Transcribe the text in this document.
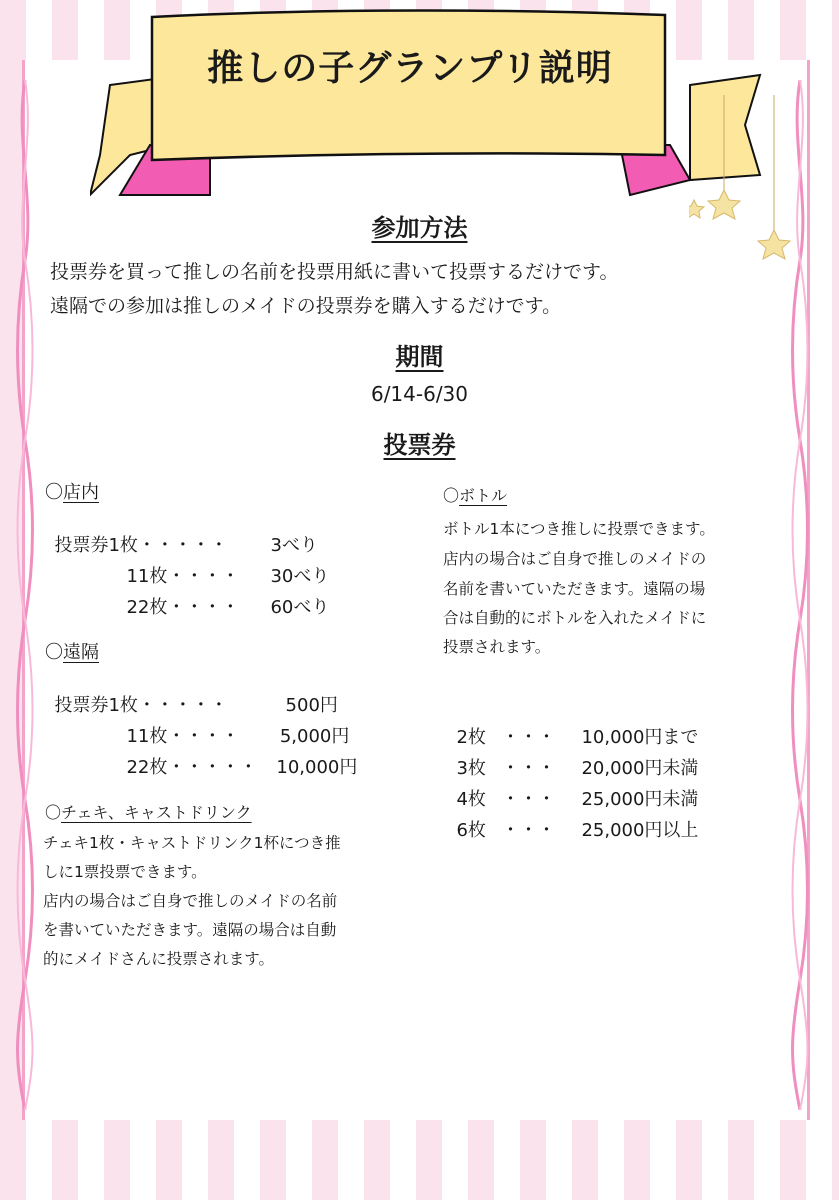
推しの子グランプリ説明
参加方法
投票券を買って推しの名前を投票用紙に書いて投票するだけです。
遠隔での参加は推しのメイドの投票券を購入するだけです。
期間
6/14-6/30
投票券
〇店内

投票券1枚・・・・・ 3べり

11枚・・・・ 30べり

22枚・・・・ 60べり

〇遠隔

投票券1枚・・・・・	500円

11枚・・・・ 5,000円

22枚・・・・・ 10,000円

〇チェキ、キャストドリンク
チェキ1枚・キャストドリンク1杯につき推
しに1票投票できます。
店内の場合はご自身で推しのメイドの名前
を書いていただきます。遠隔の場合は自動
的にメイドさんに投票されます。
〇ボトル
ボトル1本につき推しに投票できます。
店内の場合はご自身で推しのメイドの
名前を書いていただきます。遠隔の場
合は自動的にボトルを入れたメイドに
投票されます。

2枚 ・・・ 10,000円まで

3枚 ・・・ 20,000円未満

4枚 ・・・ 25,000円未満

6枚 ・・・ 25,000円以上
